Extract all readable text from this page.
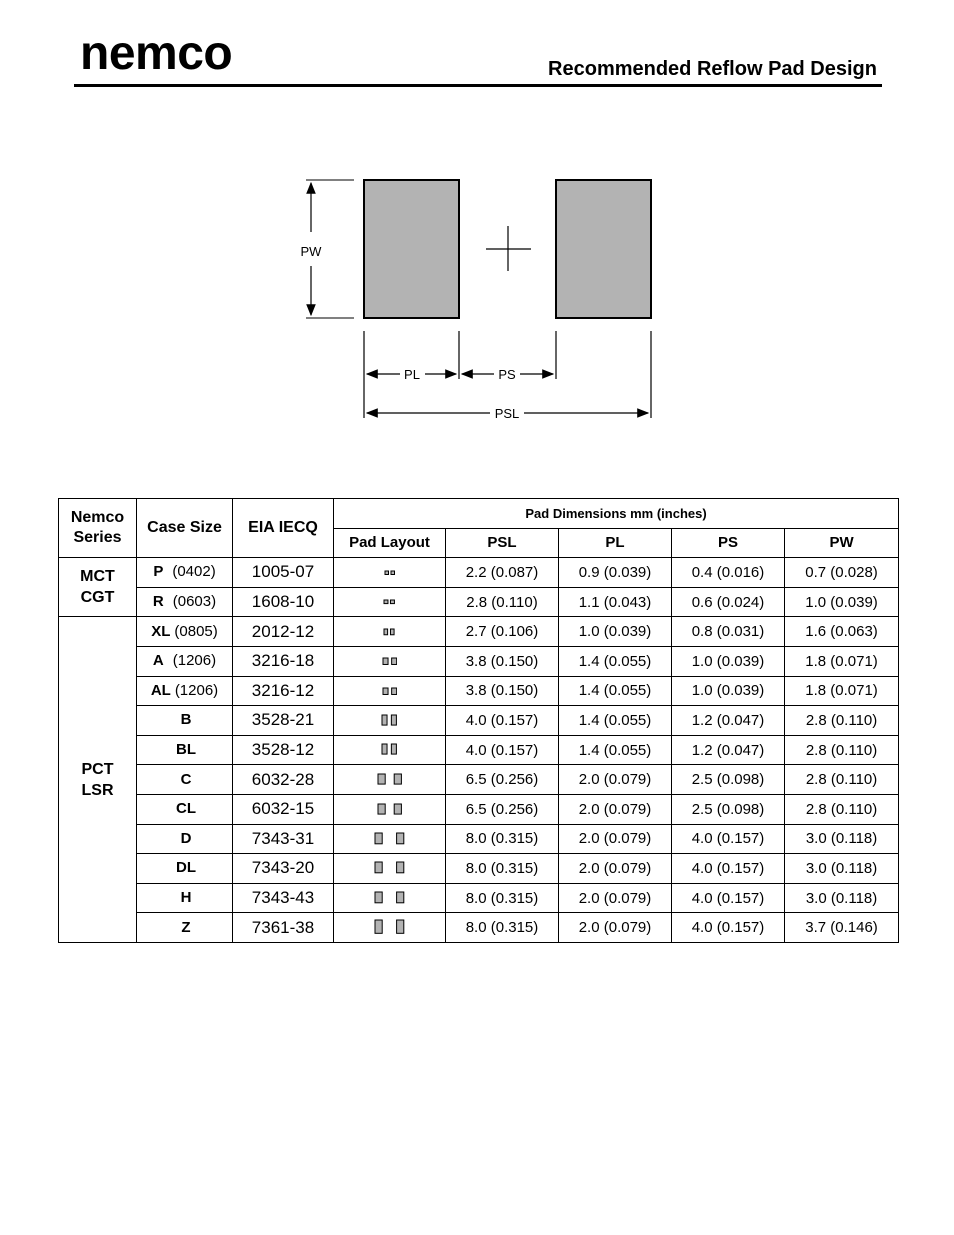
nemco	Recommended Reflow Pad Design
PW
PL	PS
PSL
Nemco Series	Case Size	EIA IECQ	Pad Dimensions mm (inches)				
			Pad Layout	PSL	PL	PS	PW

MCT
CGT	P (0402)	1005-07		2.2 (0.087)	0.9 (0.039)	0.4 (0.016)	0.7 (0.028)
	R (0603)	1608-10		2.8 (0.110)	1.1 (0.043)	0.6 (0.024)	1.0 (0.039)

PCT
LSR	XL (0805)	2012-12		2.7 (0.106)	1.0 (0.039)	0.8 (0.031)	1.6 (0.063)
	A (1206)	3216-18		3.8 (0.150)	1.4 (0.055)	1.0 (0.039)	1.8 (0.071)
	AL (1206)	3216-12		3.8 (0.150)	1.4 (0.055)	1.0 (0.039)	1.8 (0.071)
	B	3528-21		4.0 (0.157)	1.4 (0.055)	1.2 (0.047)	2.8 (0.110)
	BL	3528-12		4.0 (0.157)	1.4 (0.055)	1.2 (0.047)	2.8 (0.110)
	C	6032-28		6.5 (0.256)	2.0 (0.079)	2.5 (0.098)	2.8 (0.110)
	CL	6032-15		6.5 (0.256)	2.0 (0.079)	2.5 (0.098)	2.8 (0.110)
	D	7343-31		8.0 (0.315)	2.0 (0.079)	4.0 (0.157)	3.0 (0.118)
	DL	7343-20		8.0 (0.315)	2.0 (0.079)	4.0 (0.157)	3.0 (0.118)
	H	7343-43		8.0 (0.315)	2.0 (0.079)	4.0 (0.157)	3.0 (0.118)
	Z	7361-38		8.0 (0.315)	2.0 (0.079)	4.0 (0.157)	3.7 (0.146)
